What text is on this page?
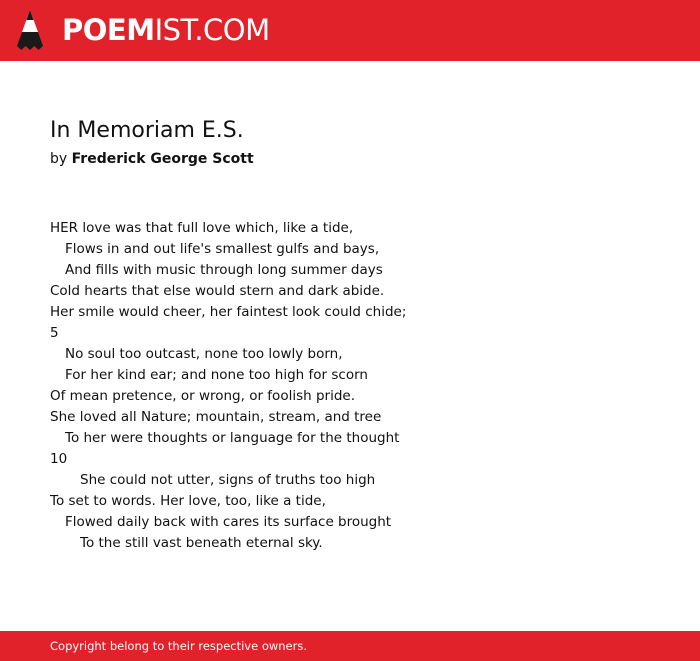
POEMIST.COM
In Memoriam E.S.
by Frederick George Scott
HER love was that full love which, like a tide,
Flows in and out life's smallest gulfs and bays,
And fills with music through long summer days
Cold hearts that else would stern and dark abide.
Her smile would cheer, her faintest look could chide;
5
No soul too outcast, none too lowly born,
For her kind ear; and none too high for scorn
Of mean pretence, or wrong, or foolish pride.
She loved all Nature; mountain, stream, and tree
To her were thoughts or language for the thought
10
She could not utter, signs of truths too high
To set to words. Her love, too, like a tide,
Flowed daily back with cares its surface brought
To the still vast beneath eternal sky.
Copyright belong to their respective owners.
